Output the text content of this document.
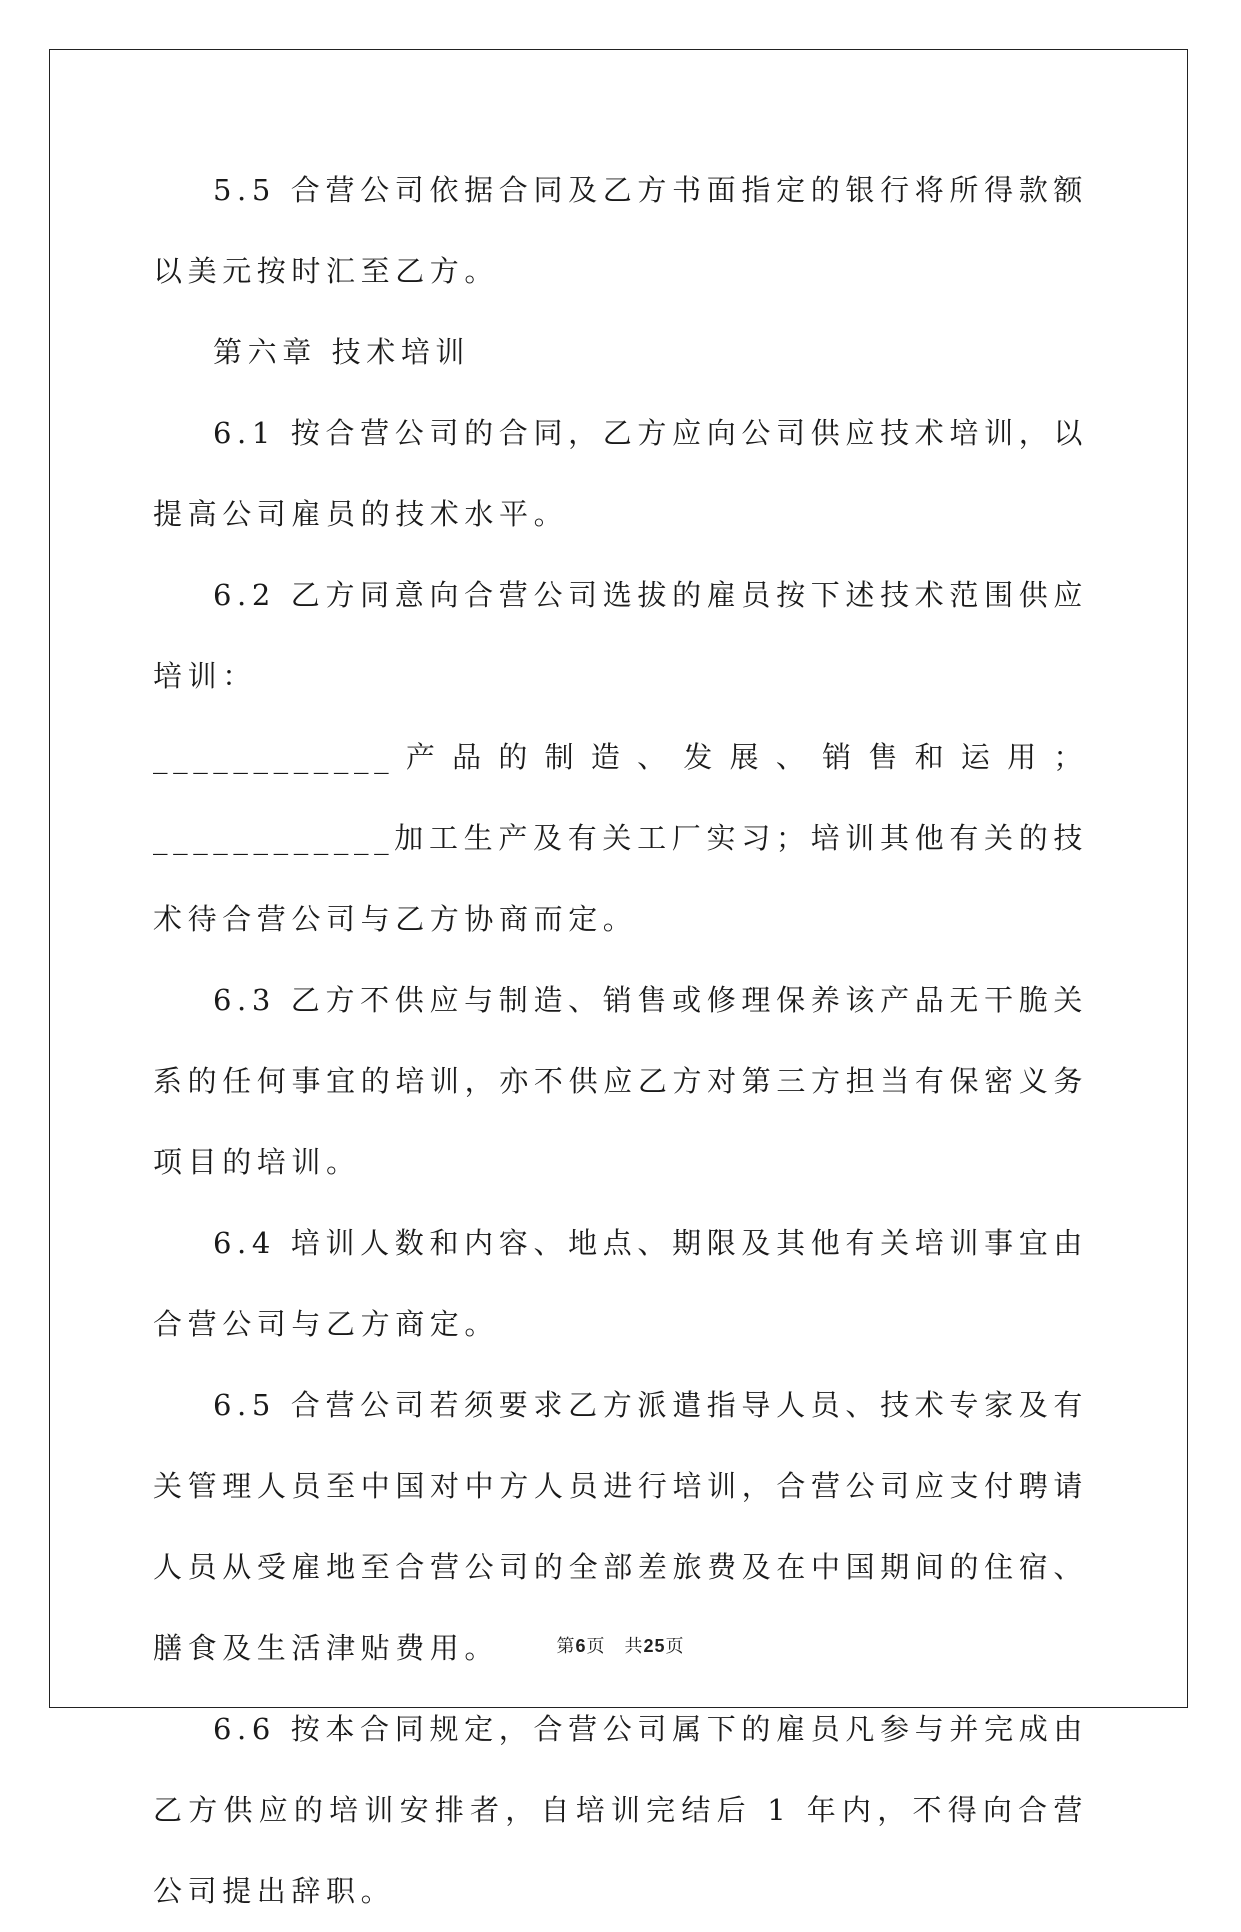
5.5 合营公司依据合同及乙方书面指定的银行将所得款额以美元按时汇至乙方。

第六章 技术培训

6.1 按合营公司的合同，乙方应向公司供应技术培训，以提高公司雇员的技术水平。

6.2 乙方同意向合营公司选拔的雇员按下述技术范围供应培训：

____________产品的制造、发展、销售和运用；____________加工生产及有关工厂实习；培训其他有关的技术待合营公司与乙方协商而定。

6.3 乙方不供应与制造、销售或修理保养该产品无干脆关系的任何事宜的培训，亦不供应乙方对第三方担当有保密义务项目的培训。

6.4 培训人数和内容、地点、期限及其他有关培训事宜由合营公司与乙方商定。

6.5 合营公司若须要求乙方派遣指导人员、技术专家及有关管理人员至中国对中方人员进行培训，合营公司应支付聘请人员从受雇地至合营公司的全部差旅费及在中国期间的住宿、膳食及生活津贴费用。

6.6 按本合同规定，合营公司属下的雇员凡参与并完成由乙方供应的培训安排者，自培训完结后 1 年内，不得向合营公司提出辞职。

第6页　共25页
